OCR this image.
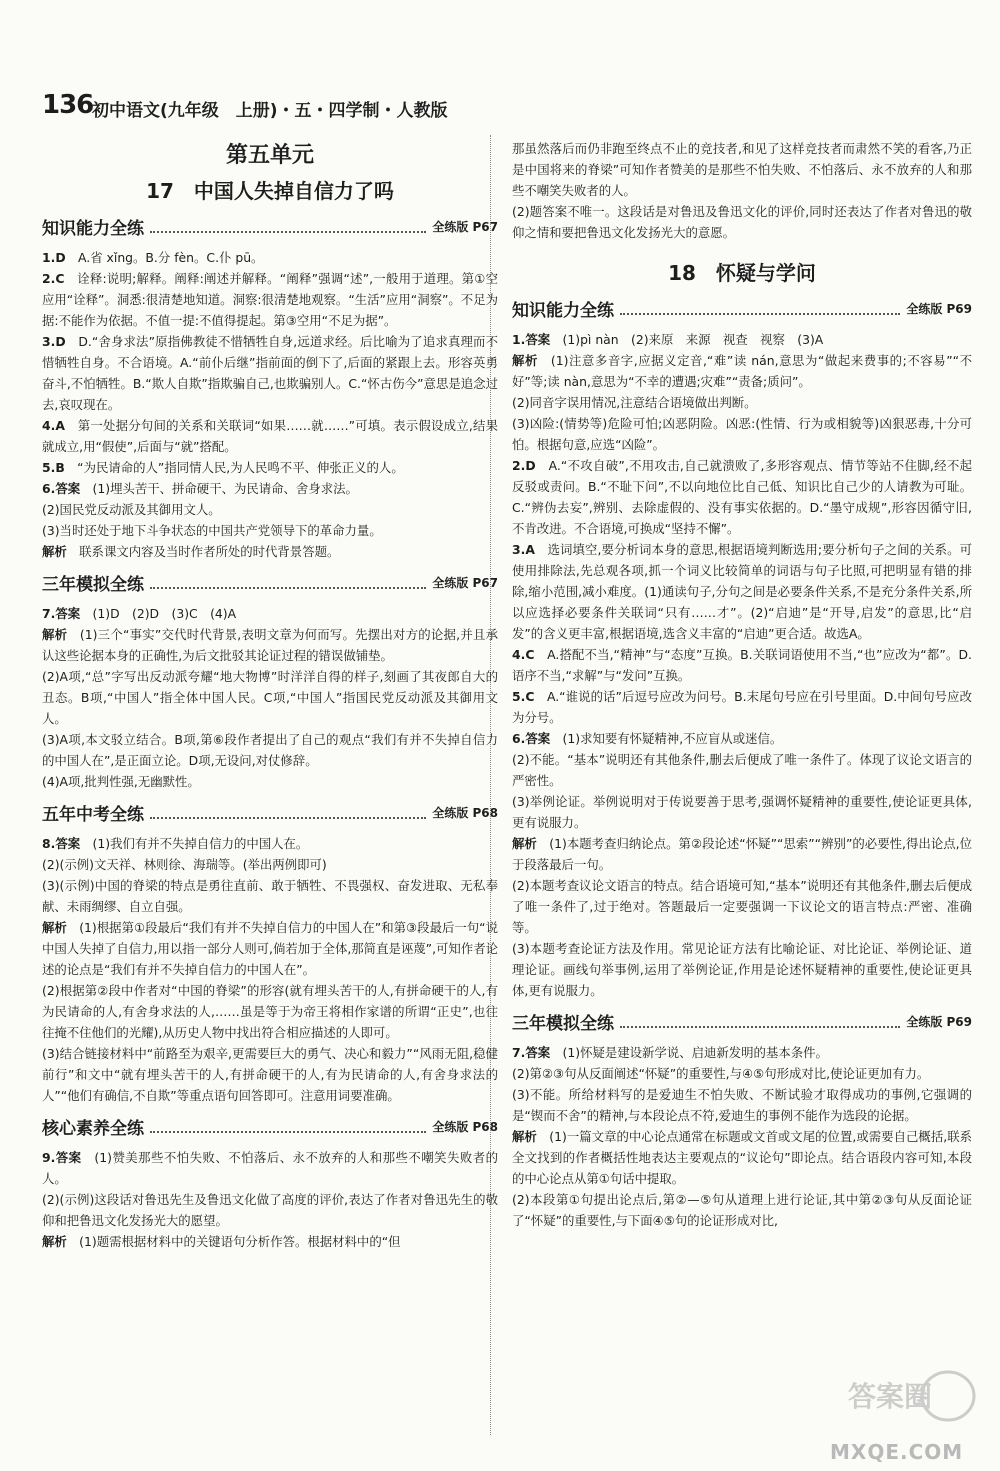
136
初中语文(九年级　上册)・五・四学制・人教版
第五单元
17　中国人失掉自信力了吗
知识能力全练	全练版 P67

1.D　A.省 xǐng。B.分 fèn。C.仆 pū。

2.C　诠释:说明;解释。阐释:阐述并解释。“阐释”强调“述”,一般用于道理。第①空应用“诠释”。洞悉:很清楚地知道。洞察:很清楚地观察。“生活”应用“洞察”。不足为据:不能作为依据。不值一提:不值得提起。第③空用“不足为据”。

3.D　D.“舍身求法”原指佛教徒不惜牺牲自身,远道求经。后比喻为了追求真理而不惜牺牲自身。不合语境。A.“前仆后继”指前面的倒下了,后面的紧跟上去。形容英勇奋斗,不怕牺牲。B.“欺人自欺”指欺骗自己,也欺骗别人。C.“怀古伤今”意思是追念过去,哀叹现在。

4.A　第一处据分句间的关系和关联词“如果……就……”可填。表示假设成立,结果就成立,用“假使”,后面与“就”搭配。

5.B　“为民请命的人”指同情人民,为人民鸣不平、伸张正义的人。

6.答案　(1)埋头苦干、拼命硬干、为民请命、舍身求法。

(2)国民党反动派及其御用文人。

(3)当时还处于地下斗争状态的中国共产党领导下的革命力量。

解析　联系课文内容及当时作者所处的时代背景答题。

三年模拟全练	全练版 P67

7.答案　(1)D　(2)D　(3)C　(4)A

解析　(1)三个“事实”交代时代背景,表明文章为何而写。先摆出对方的论据,并且承认这些论据本身的正确性,为后文批驳其论证过程的错误做铺垫。

(2)A项,“总”字写出反动派夸耀“地大物博”时洋洋自得的样子,刻画了其夜郎自大的丑态。B项,“中国人”指全体中国人民。C项,“中国人”指国民党反动派及其御用文人。

(3)A项,本文驳立结合。B项,第⑥段作者提出了自己的观点“我们有并不失掉自信力的中国人在”,是正面立论。D项,无设问,对仗修辞。

(4)A项,批判性强,无幽默性。

五年中考全练	全练版 P68

8.答案　(1)我们有并不失掉自信力的中国人在。

(2)(示例)文天祥、林则徐、海瑞等。(举出两例即可)

(3)(示例)中国的脊梁的特点是勇往直前、敢于牺牲、不畏强权、奋发进取、无私奉献、未雨绸缪、自立自强。

解析　(1)根据第①段最后“我们有并不失掉自信力的中国人在”和第③段最后一句“说中国人失掉了自信力,用以指一部分人则可,倘若加于全体,那简直是诬蔑”,可知作者论述的论点是“我们有并不失掉自信力的中国人在”。

(2)根据第②段中作者对“中国的脊梁”的形容(就有埋头苦干的人,有拼命硬干的人,有为民请命的人,有舍身求法的人,……虽是等于为帝王将相作家谱的所谓“正史”,也往往掩不住他们的光耀),从历史人物中找出符合相应描述的人即可。

(3)结合链接材料中“前路至为艰辛,更需要巨大的勇气、决心和毅力”“风雨无阻,稳健前行”和文中“就有埋头苦干的人,有拼命硬干的人,有为民请命的人,有舍身求法的人”“他们有确信,不自欺”等重点语句回答即可。注意用词要准确。

核心素养全练	全练版 P68

9.答案　(1)赞美那些不怕失败、不怕落后、永不放弃的人和那些不嘲笑失败者的人。

(2)(示例)这段话对鲁迅先生及鲁迅文化做了高度的评价,表达了作者对鲁迅先生的敬仰和把鲁迅文化发扬光大的愿望。

解析　(1)题需根据材料中的关键语句分析作答。根据材料中的“但

那虽然落后而仍非跑至终点不止的竞技者,和见了这样竞技者而肃然不笑的看客,乃正是中国将来的脊梁”可知作者赞美的是那些不怕失败、不怕落后、永不放弃的人和那些不嘲笑失败者的人。

(2)题答案不唯一。这段话是对鲁迅及鲁迅文化的评价,同时还表达了作者对鲁迅的敬仰之情和要把鲁迅文化发扬光大的意愿。

18　怀疑与学问
知识能力全练	全练版 P69

1.答案　(1)pì nàn　(2)来原　来源　视查　视察　(3)A

解析　(1)注意多音字,应据义定音,“难”读 nán,意思为“做起来费事的;不容易”“不好”等;读 nàn,意思为“不幸的遭遇;灾难”“责备;质问”。

(2)同音字误用情况,注意结合语境做出判断。

(3)凶险:(情势等)危险可怕;凶恶阴险。凶恶:(性情、行为或相貌等)凶狠恶毒,十分可怕。根据句意,应选“凶险”。

2.D　A.“不攻自破”,不用攻击,自己就溃败了,多形容观点、情节等站不住脚,经不起反驳或责问。B.“不耻下问”,不以向地位比自己低、知识比自己少的人请教为可耻。C.“辨伪去妄”,辨别、去除虚假的、没有事实依据的。D.“墨守成规”,形容因循守旧,不肯改进。不合语境,可换成“坚持不懈”。

3.A　选词填空,要分析词本身的意思,根据语境判断选用;要分析句子之间的关系。可使用排除法,先总观各项,抓一个词义比较简单的词语与句子比照,可把明显有错的排除,缩小范围,减小难度。(1)通读句子,分句之间是必要条件关系,不是充分条件关系,所以应选择必要条件关联词“只有……才”。(2)“启迪”是“开导,启发”的意思,比“启发”的含义更丰富,根据语境,选含义丰富的“启迪”更合适。故选A。

4.C　A.搭配不当,“精神”与“态度”互换。B.关联词语使用不当,“也”应改为“都”。D.语序不当,“求解”与“发问”互换。

5.C　A.“谁说的话”后逗号应改为问号。B.末尾句号应在引号里面。D.中间句号应改为分号。

6.答案　(1)求知要有怀疑精神,不应盲从或迷信。

(2)不能。“基本”说明还有其他条件,删去后便成了唯一条件了。体现了议论文语言的严密性。

(3)举例论证。举例说明对于传说要善于思考,强调怀疑精神的重要性,使论证更具体,更有说服力。

解析　(1)本题考查归纳论点。第②段论述“怀疑”“思索”“辨别”的必要性,得出论点,位于段落最后一句。

(2)本题考查议论文语言的特点。结合语境可知,“基本”说明还有其他条件,删去后便成了唯一条件了,过于绝对。答题最后一定要强调一下议论文的语言特点:严密、准确等。

(3)本题考查论证方法及作用。常见论证方法有比喻论证、对比论证、举例论证、道理论证。画线句举事例,运用了举例论证,作用是论述怀疑精神的重要性,使论证更具体,更有说服力。

三年模拟全练	全练版 P69

7.答案　(1)怀疑是建设新学说、启迪新发明的基本条件。

(2)第②③句从反面阐述“怀疑”的重要性,与④⑤句形成对比,使论证更加有力。

(3)不能。所给材料写的是爱迪生不怕失败、不断试验才取得成功的事例,它强调的是“锲而不舍”的精神,与本段论点不符,爱迪生的事例不能作为选段的论据。

解析　(1)一篇文章的中心论点通常在标题或文首或文尾的位置,或需要自己概括,联系全文找到的作者概括性地表达主要观点的“议论句”即论点。结合语段内容可知,本段的中心论点从第①句话中提取。

(2)本段第①句提出论点后,第②—⑤句从道理上进行论证,其中第②③句从反面论证了“怀疑”的重要性,与下面④⑤句的论证形成对比,

答案圈
MXQE.COM
